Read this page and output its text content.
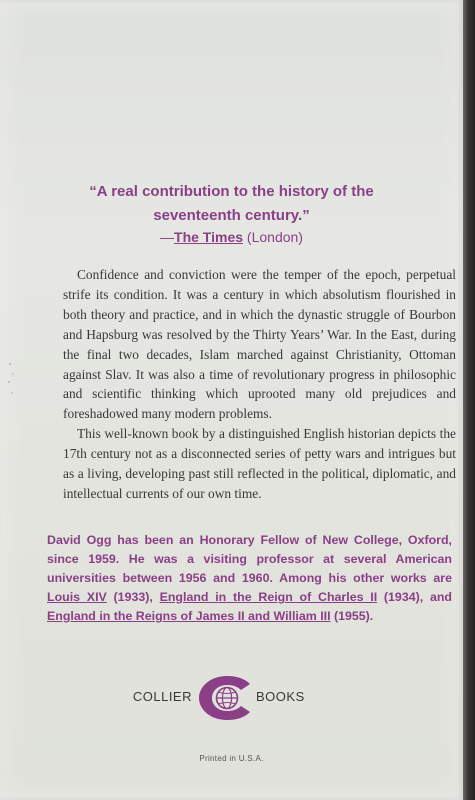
“A real contribution to the history of the
seventeenth century.”
—The Times (London)

Confidence and conviction were the temper of the epoch, perpetual strife its condition. It was a century in which absolutism flourished in both theory and practice, and in which the dynastic struggle of Bourbon and Hapsburg was resolved by the Thirty Years’ War. In the East, during the final two decades, Islam marched against Christianity, Ottoman against Slav. It was also a time of revolutionary progress in philosophic and scientific thinking which uprooted many old prejudices and foreshadowed many modern problems.

This well-known book by a distinguished English historian depicts the 17th century not as a disconnected series of petty wars and intrigues but as a living, developing past still reflected in the political, diplomatic, and intellectual currents of our own time.

David Ogg has been an Honorary Fellow of New College, Oxford, since 1959. He was a visiting professor at several American universities between 1956 and 1960. Among his other works are Louis XIV (1933), England in the Reign of Charles II (1934), and England in the Reigns of James II and William III (1955).

COLLIER	BOOKS
Printed in U.S.A.
